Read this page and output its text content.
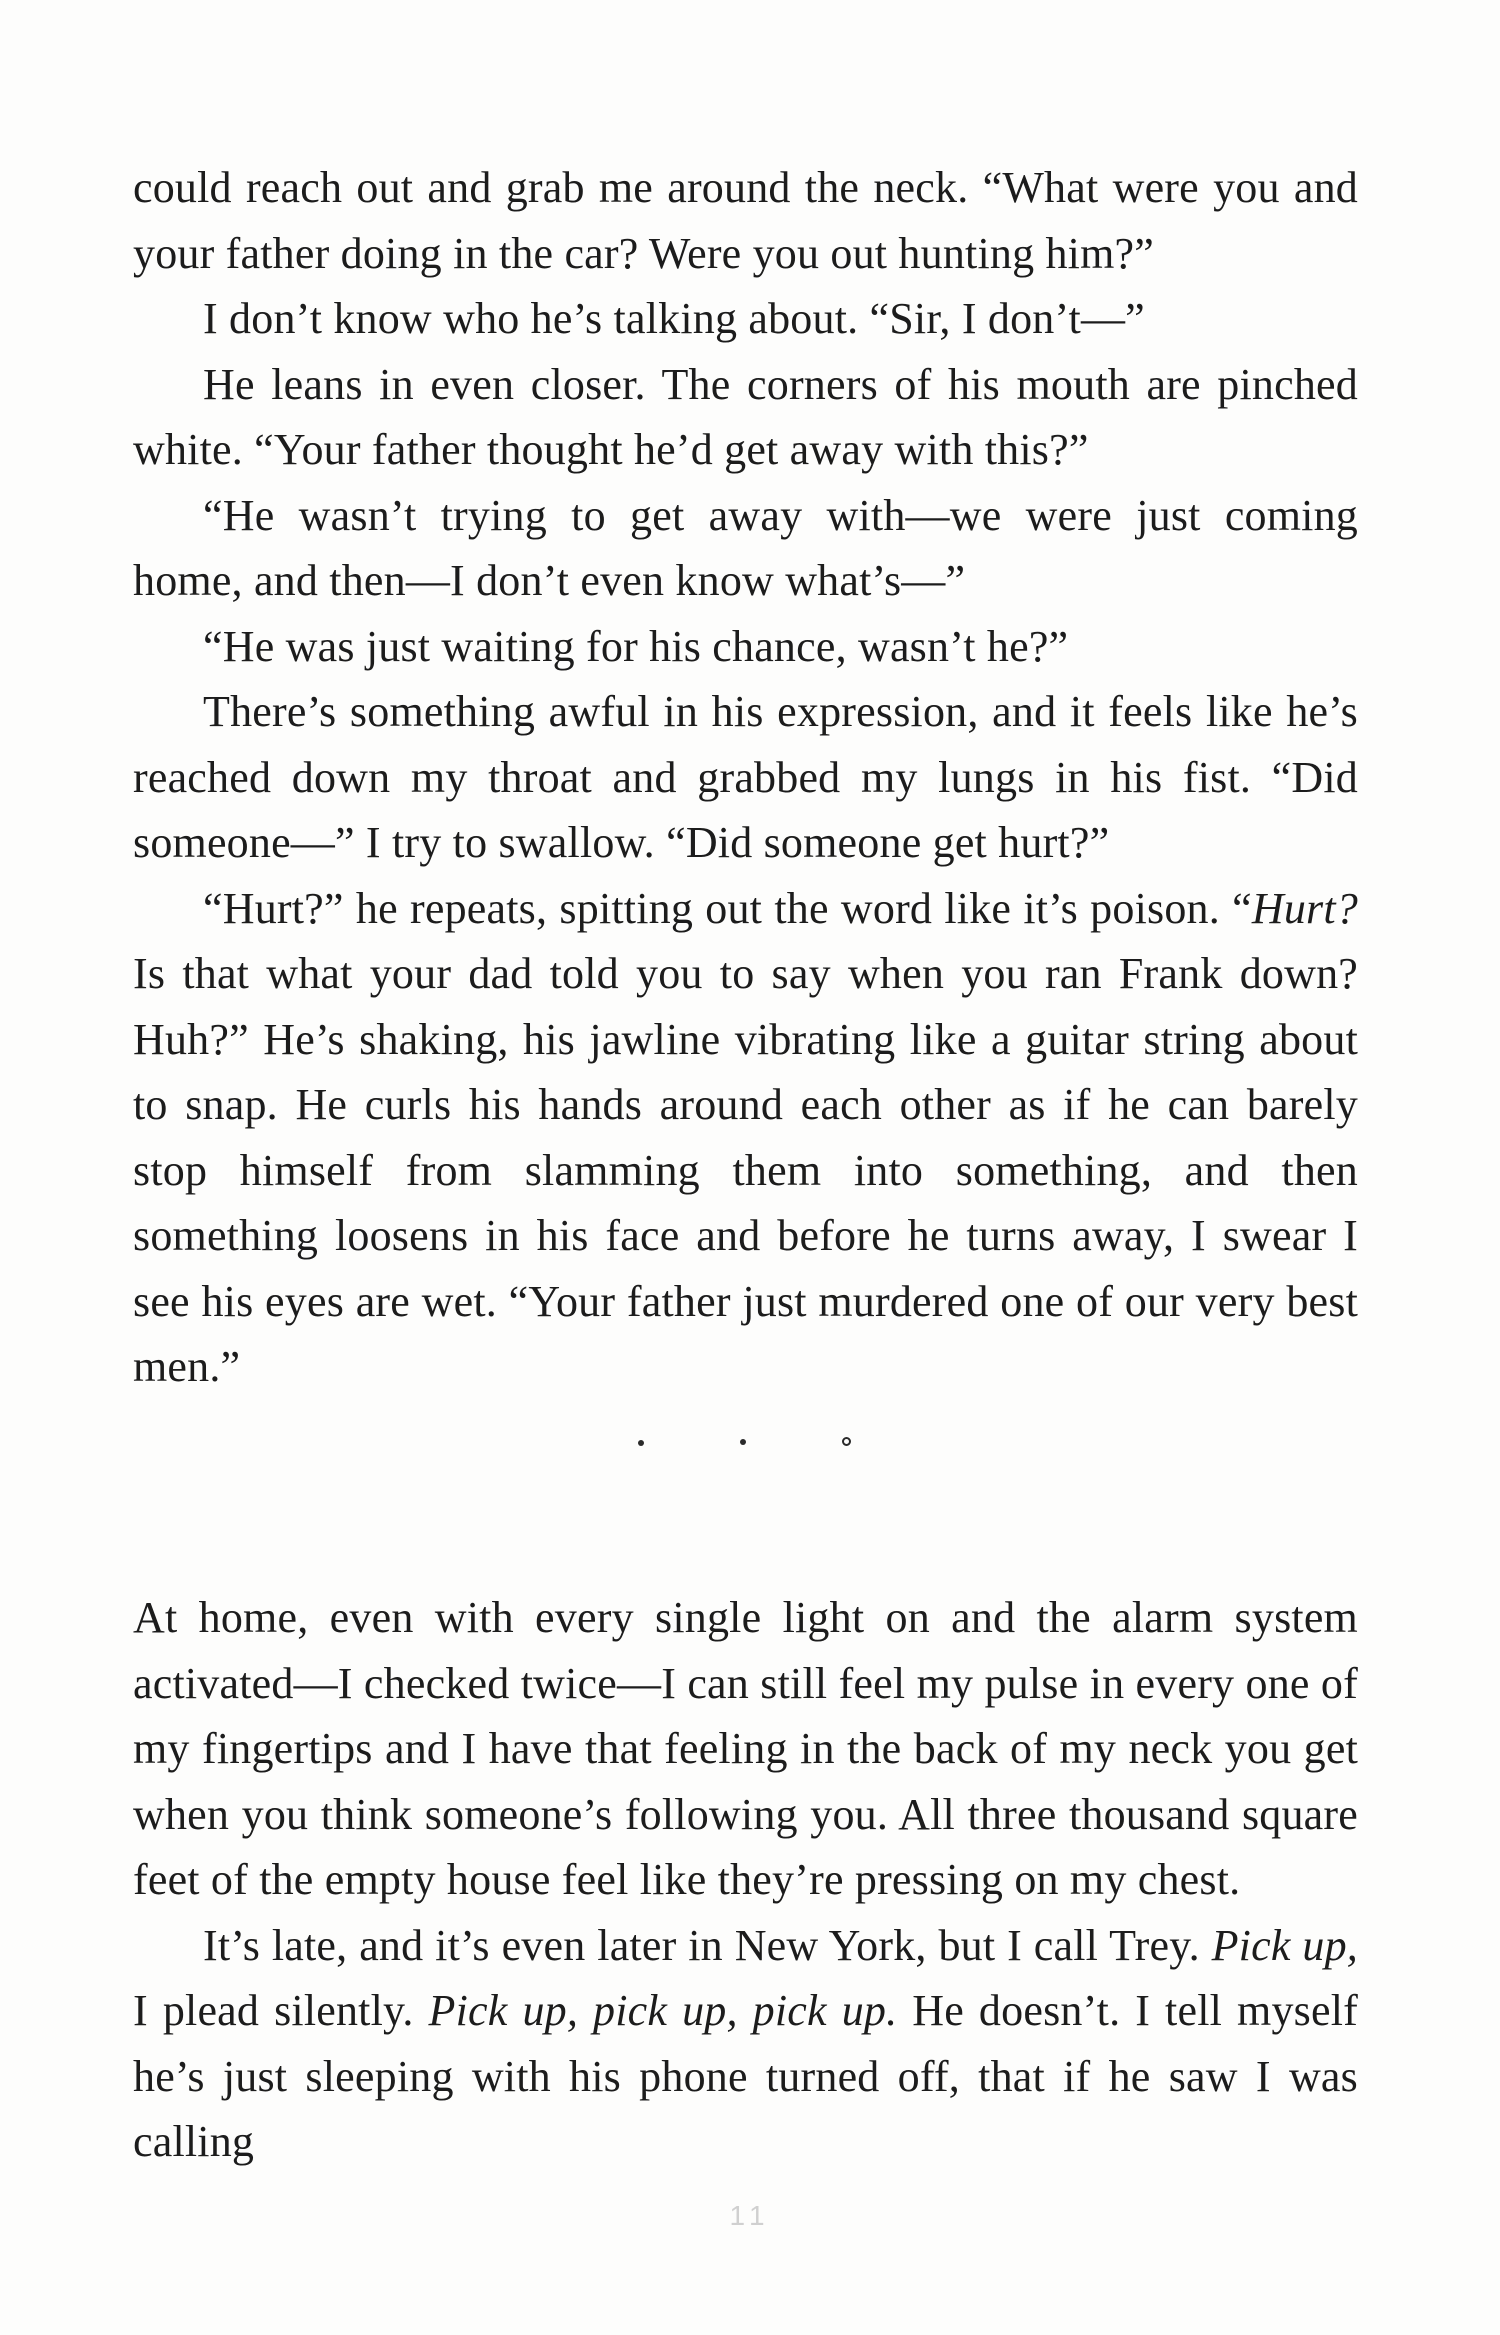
could reach out and grab me around the neck. “What were you and your father doing in the car? Were you out hunting him?”

I don’t know who he’s talking about. “Sir, I don’t—”

He leans in even closer. The corners of his mouth are pinched white. “Your father thought he’d get away with this?”

“He wasn’t trying to get away with—we were just coming home, and then—I don’t even know what’s—”

“He was just waiting for his chance, wasn’t he?”

There’s something awful in his expression, and it feels like he’s reached down my throat and grabbed my lungs in his fist. “Did someone—” I try to swallow. “Did someone get hurt?”

“Hurt?” he repeats, spitting out the word like it’s poison. “Hurt? Is that what your dad told you to say when you ran Frank down? Huh?” He’s shaking, his jawline vibrating like a guitar string about to snap. He curls his hands around each other as if he can barely stop himself from slamming them into something, and then something loosens in his face and before he turns away, I swear I see his eyes are wet. “Your father just murdered one of our very best men.”

At home, even with every single light on and the alarm system activated—I checked twice—I can still feel my pulse in every one of my fingertips and I have that feeling in the back of my neck you get when you think someone’s following you. All three thousand square feet of the empty house feel like they’re pressing on my chest.

It’s late, and it’s even later in New York, but I call Trey. Pick up, I plead silently. Pick up, pick up, pick up. He doesn’t. I tell myself he’s just sleeping with his phone turned off, that if he saw I was calling

11
